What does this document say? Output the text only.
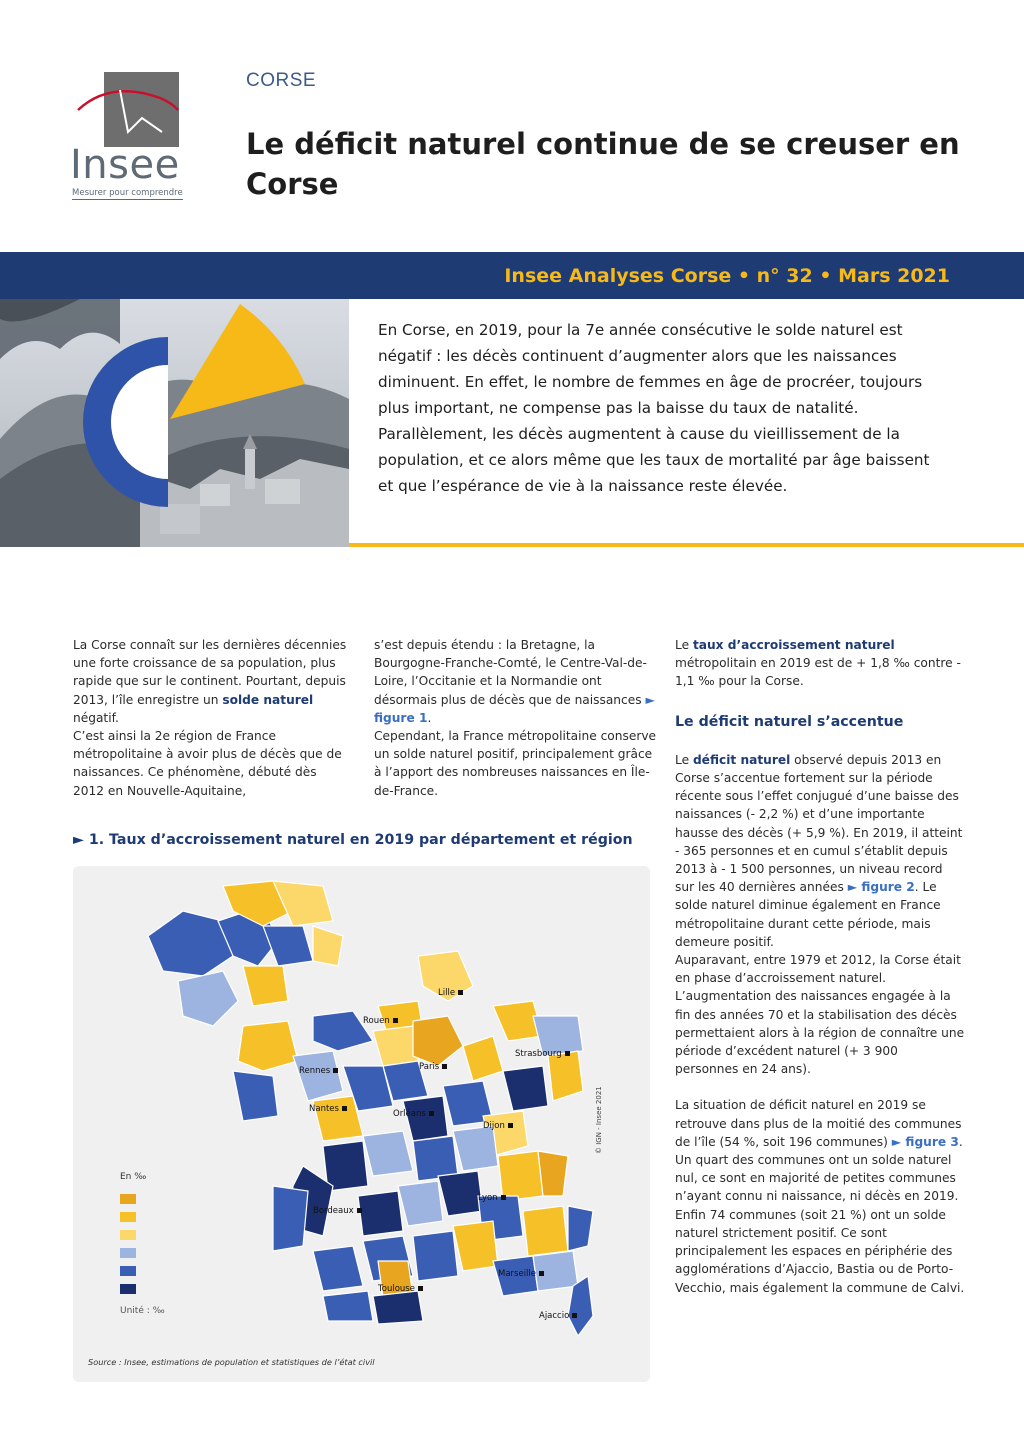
Insee
Mesurer pour comprendre
CORSE
Le déficit naturel continue de se creuser en Corse
Insee Analyses Corse • n° 32 • Mars 2021
En Corse, en 2019, pour la 7e année consécutive le solde naturel est négatif : les décès continuent d’augmenter alors que les naissances diminuent. En effet, le nombre de femmes en âge de procréer, toujours plus important, ne compense pas la baisse du taux de natalité. Parallèlement, les décès augmentent à cause du vieillissement de la population, et ce alors même que les taux de mortalité par âge baissent et que l’espérance de vie à la naissance reste élevée.

La Corse connaît sur les dernières décennies une forte croissance de sa population, plus rapide que sur le continent. Pourtant, depuis 2013, l’île enregistre un solde naturel négatif.

C’est ainsi la 2e région de France métropolitaine à avoir plus de décès que de naissances. Ce phénomène, débuté dès 2012 en Nouvelle-Aquitaine,

s’est depuis étendu : la Bretagne, la Bourgogne-Franche-Comté, le Centre-Val-de-Loire, l’Occitanie et la Normandie ont désormais plus de décès que de naissances ► figure 1.

Cependant, la France métropolitaine conserve un solde naturel positif, principalement grâce à l’apport des nombreuses naissances en Île-de-France.

Le taux d’accroissement naturel métropolitain en 2019 est de + 1,8 ‰ contre - 1,1 ‰ pour la Corse.

Le déficit naturel s’accentue

Le déficit naturel observé depuis 2013 en Corse s’accentue fortement sur la période récente sous l’effet conjugué d’une baisse des naissances (- 2,2 %) et d’une importante hausse des décès (+ 5,9 %). En 2019, il atteint - 365 personnes et en cumul s’établit depuis 2013 à - 1 500 personnes, un niveau record sur les 40 dernières années ► figure 2. Le solde naturel diminue également en France métropolitaine durant cette période, mais demeure positif.

Auparavant, entre 1979 et 2012, la Corse était en phase d’accroissement naturel. L’augmentation des naissances engagée à la fin des années 70 et la stabilisation des décès permettaient alors à la région de connaître une période d’excédent naturel (+ 3 900 personnes en 24 ans).

La situation de déficit naturel en 2019 se retrouve dans plus de la moitié des communes de l’île (54 %, soit 196 communes) ► figure 3. Un quart des communes ont un solde naturel nul, ce sont en majorité de petites communes n’ayant connu ni naissance, ni décès en 2019. Enfin 74 communes (soit 21 %) ont un solde naturel strictement positif. Ce sont principalement les espaces en périphérie des agglomérations d’Ajaccio, Bastia ou de Porto-Vecchio, mais également la commune de Calvi.

► 1. Taux d’accroissement naturel en 2019 par département et région
Lille
Rouen
Paris
Strasbourg
Rennes
Nantes	Orléans
Dijon
Lyon
Bordeaux
Toulouse
Marseille
Ajaccio
© IGN - Insee 2021
En ‰
Unité : ‰
Source : Insee, estimations de population et statistiques de l’état civil
